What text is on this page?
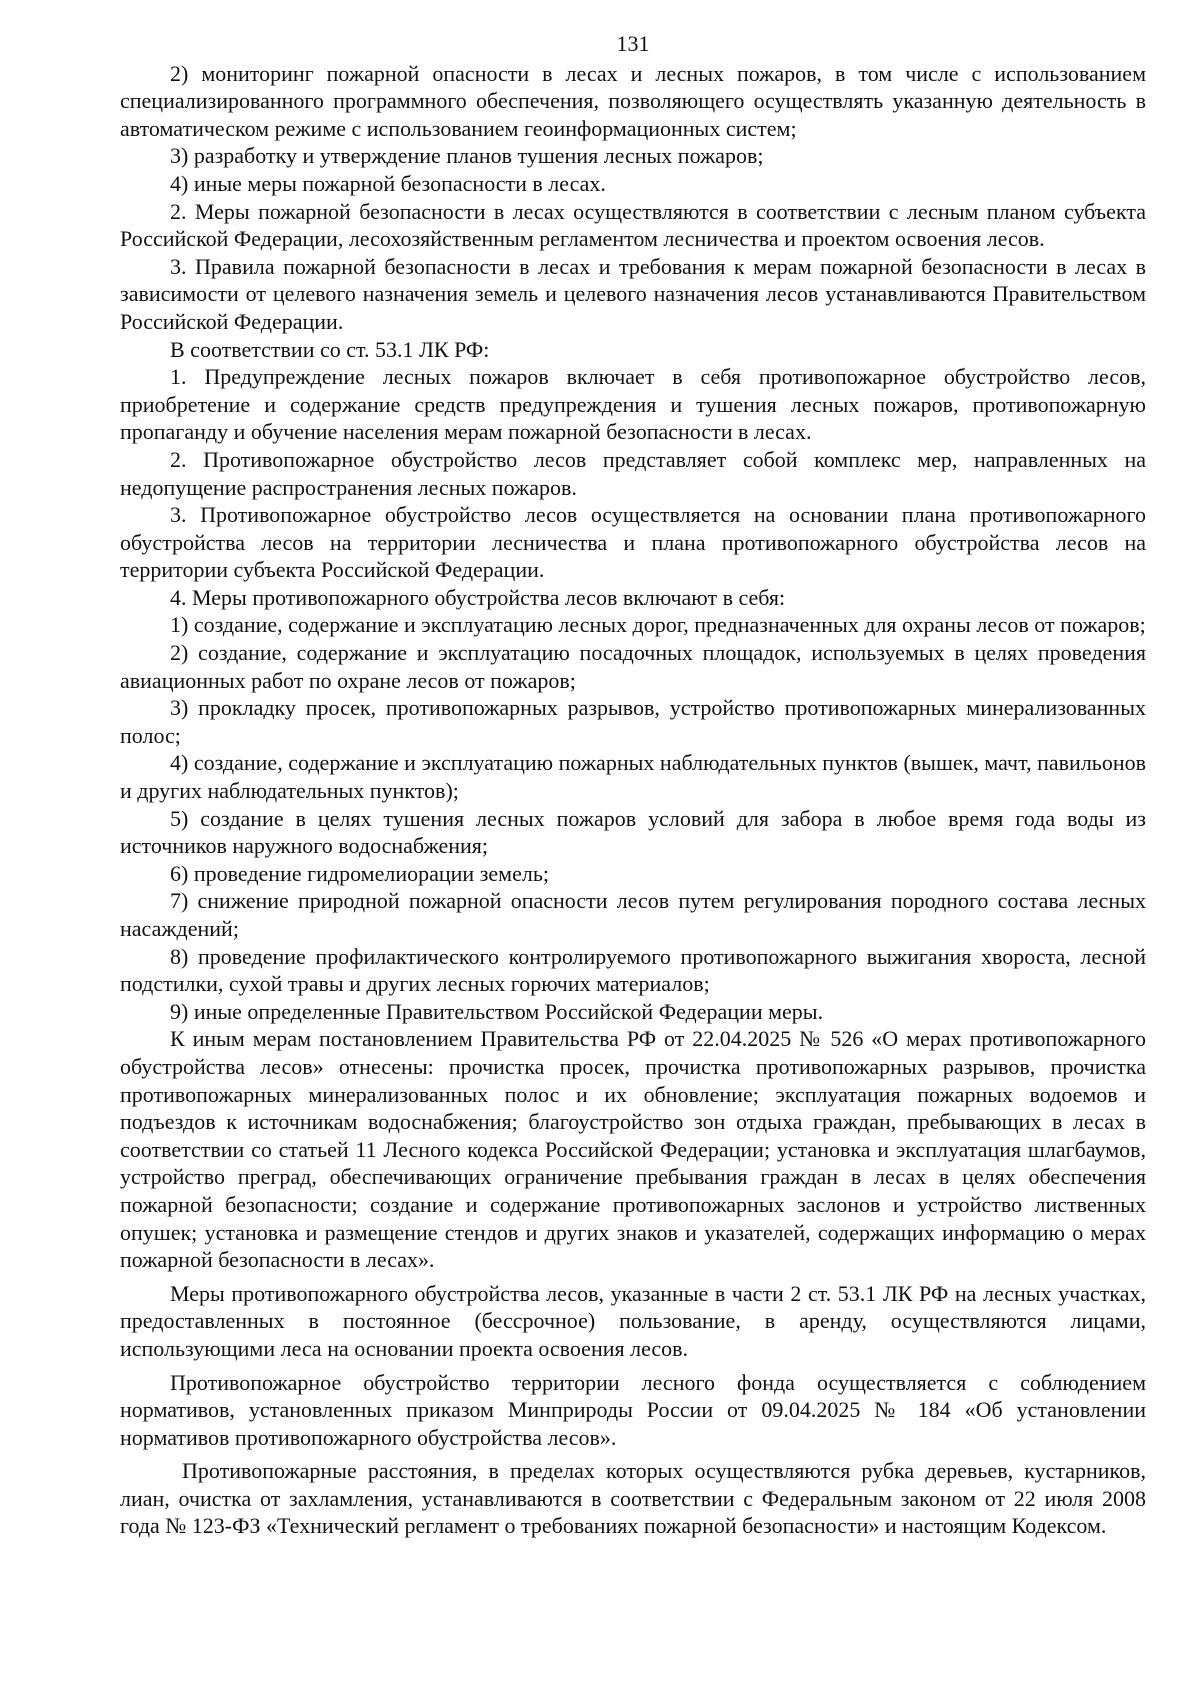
131

2) мониторинг пожарной опасности в лесах и лесных пожаров, в том числе с использованием специализированного программного обеспечения, позволяющего осуществлять указанную деятельность в автоматическом режиме с использованием геоинформационных систем;

3) разработку и утверждение планов тушения лесных пожаров;

4) иные меры пожарной безопасности в лесах.

2. Меры пожарной безопасности в лесах осуществляются в соответствии с лесным планом субъекта Российской Федерации, лесохозяйственным регламентом лесничества и проектом освоения лесов.

3. Правила пожарной безопасности в лесах и требования к мерам пожарной безопасности в лесах в зависимости от целевого назначения земель и целевого назначения лесов устанавливаются Правительством Российской Федерации.

В соответствии со ст. 53.1 ЛК РФ:

1. Предупреждение лесных пожаров включает в себя противопожарное обустройство лесов, приобретение и содержание средств предупреждения и тушения лесных пожаров, противопожарную пропаганду и обучение населения мерам пожарной безопасности в лесах.

2. Противопожарное обустройство лесов представляет собой комплекс мер, направленных на недопущение распространения лесных пожаров.

3. Противопожарное обустройство лесов осуществляется на основании плана противопожарного обустройства лесов на территории лесничества и плана противопожарного обустройства лесов на территории субъекта Российской Федерации.

4. Меры противопожарного обустройства лесов включают в себя:

1) создание, содержание и эксплуатацию лесных дорог, предназначенных для охраны лесов от пожаров;

2) создание, содержание и эксплуатацию посадочных площадок, используемых в целях проведения авиационных работ по охране лесов от пожаров;

3) прокладку просек, противопожарных разрывов, устройство противопожарных минерализованных полос;

4) создание, содержание и эксплуатацию пожарных наблюдательных пунктов (вышек, мачт, павильонов и других наблюдательных пунктов);

5) создание в целях тушения лесных пожаров условий для забора в любое время года воды из источников наружного водоснабжения;

6) проведение гидромелиорации земель;

7) снижение природной пожарной опасности лесов путем регулирования породного состава лесных насаждений;

8) проведение профилактического контролируемого противопожарного выжигания хвороста, лесной подстилки, сухой травы и других лесных горючих материалов;

9) иные определенные Правительством Российской Федерации меры.

К иным мерам постановлением Правительства РФ от 22.04.2025 № 526 «О мерах противопожарного обустройства лесов» отнесены: прочистка просек, прочистка противопожарных разрывов, прочистка противопожарных минерализованных полос и их обновление; эксплуатация пожарных водоемов и подъездов к источникам водоснабжения; благоустройство зон отдыха граждан, пребывающих в лесах в соответствии со статьей 11 Лесного кодекса Российской Федерации; установка и эксплуатация шлагбаумов, устройство преград, обеспечивающих ограничение пребывания граждан в лесах в целях обеспечения пожарной безопасности; создание и содержание противопожарных заслонов и устройство лиственных опушек; установка и размещение стендов и других знаков и указателей, содержащих информацию о мерах пожарной безопасности в лесах».

Меры противопожарного обустройства лесов, указанные в части 2 ст. 53.1 ЛК РФ на лесных участках, предоставленных в постоянное (бессрочное) пользование, в аренду, осуществляются лицами, использующими леса на основании проекта освоения лесов.

Противопожарное обустройство территории лесного фонда осуществляется с соблюдением нормативов, установленных приказом Минприроды России от 09.04.2025 № 184 «Об установлении нормативов противопожарного обустройства лесов».

Противопожарные расстояния, в пределах которых осуществляются рубка деревьев, кустарников, лиан, очистка от захламления, устанавливаются в соответствии с Федеральным законом от 22 июля 2008 года № 123-ФЗ «Технический регламент о требованиях пожарной безопасности» и настоящим Кодексом.
